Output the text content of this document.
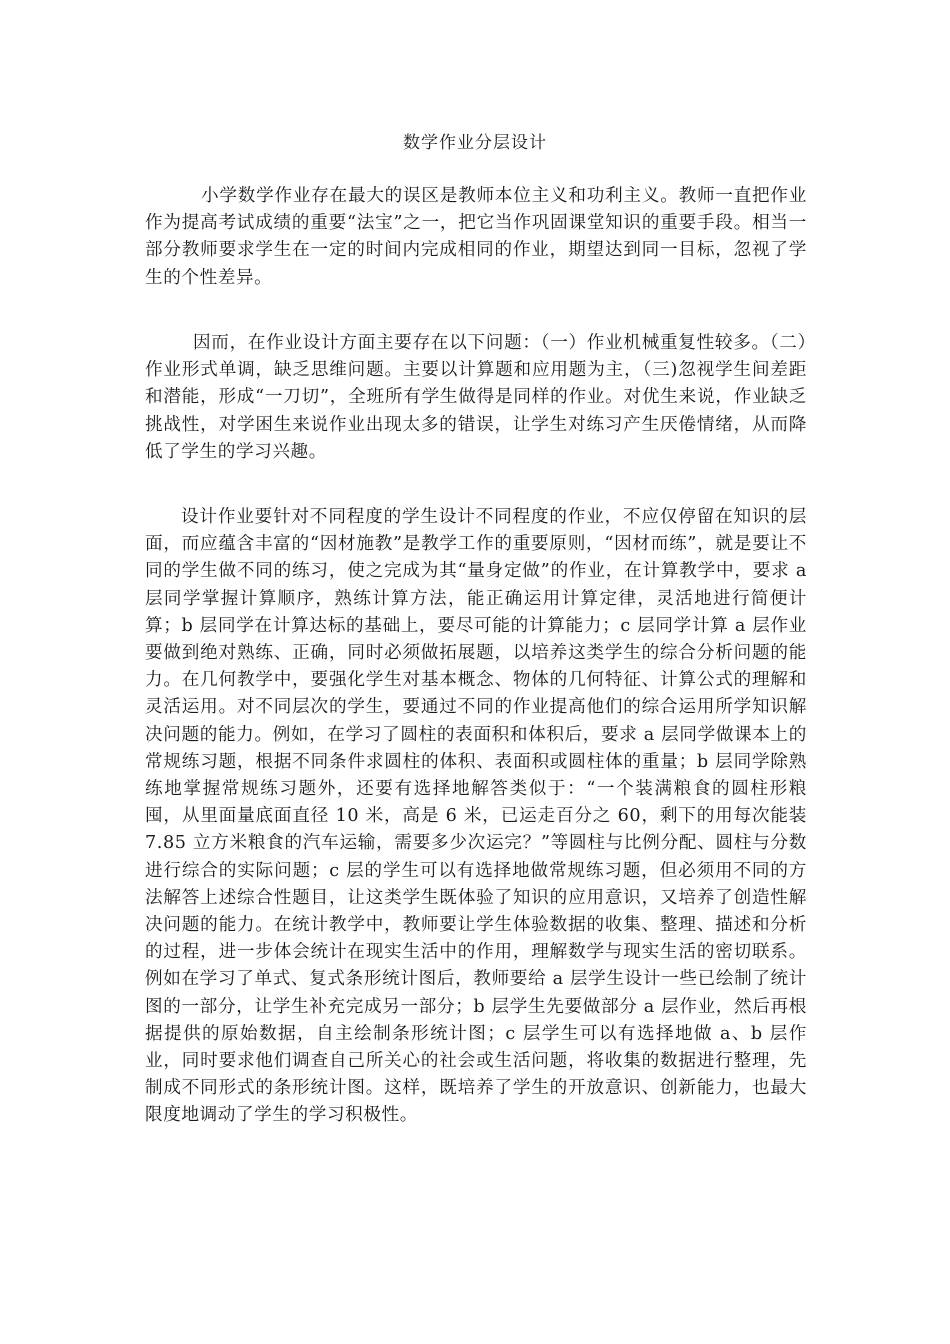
数学作业分层设计

小学数学作业存在最大的误区是教师本位主义和功利主义。教师一直把作业作为提高考试成绩的重要“法宝”之一，把它当作巩固课堂知识的重要手段。相当一部分教师要求学生在一定的时间内完成相同的作业，期望达到同一目标，忽视了学生的个性差异。

因而，在作业设计方面主要存在以下问题：（一）作业机械重复性较多。（二）作业形式单调，缺乏思维问题。主要以计算题和应用题为主，（三)忽视学生间差距和潜能，形成“一刀切”，全班所有学生做得是同样的作业。对优生来说，作业缺乏挑战性，对学困生来说作业出现太多的错误，让学生对练习产生厌倦情绪，从而降低了学生的学习兴趣。

设计作业要针对不同程度的学生设计不同程度的作业，不应仅停留在知识的层面，而应蕴含丰富的“因材施教”是教学工作的重要原则，“因材而练”，就是要让不同的学生做不同的练习，使之完成为其“量身定做”的作业，在计算教学中，要求 a 层同学掌握计算顺序，熟练计算方法，能正确运用计算定律，灵活地进行简便计算；b 层同学在计算达标的基础上，要尽可能的计算能力；c 层同学计算 a 层作业要做到绝对熟练、正确，同时必须做拓展题，以培养这类学生的综合分析问题的能力。在几何教学中，要强化学生对基本概念、物体的几何特征、计算公式的理解和灵活运用。对不同层次的学生，要通过不同的作业提高他们的综合运用所学知识解决问题的能力。例如，在学习了圆柱的表面积和体积后，要求 a 层同学做课本上的常规练习题，根据不同条件求圆柱的体积、表面积或圆柱体的重量；b 层同学除熟练地掌握常规练习题外，还要有选择地解答类似于：“一个装满粮食的圆柱形粮囤，从里面量底面直径 10 米，高是 6 米，已运走百分之 60，剩下的用每次能装 7.85 立方米粮食的汽车运输，需要多少次运完？”等圆柱与比例分配、圆柱与分数进行综合的实际问题；c 层的学生可以有选择地做常规练习题，但必须用不同的方法解答上述综合性题目，让这类学生既体验了知识的应用意识，又培养了创造性解决问题的能力。在统计教学中，教师要让学生体验数据的收集、整理、描述和分析的过程，进一步体会统计在现实生活中的作用，理解数学与现实生活的密切联系。例如在学习了单式、复式条形统计图后，教师要给 a 层学生设计一些已绘制了统计图的一部分，让学生补充完成另一部分；b 层学生先要做部分 a 层作业，然后再根据提供的原始数据，自主绘制条形统计图；c 层学生可以有选择地做 a、b 层作业，同时要求他们调查自己所关心的社会或生活问题，将收集的数据进行整理，先制成不同形式的条形统计图。这样，既培养了学生的开放意识、创新能力，也最大限度地调动了学生的学习积极性。
